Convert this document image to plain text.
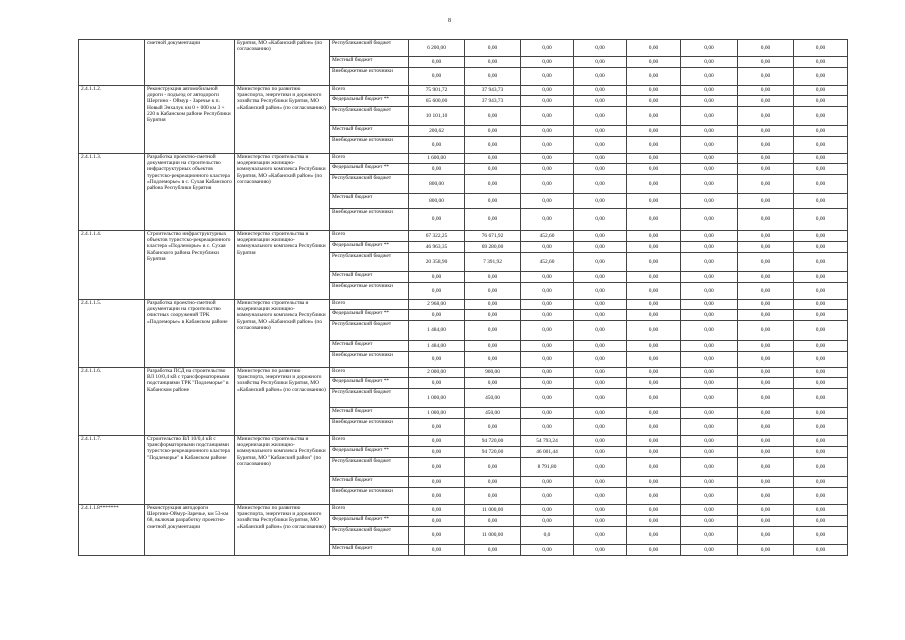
8
	сметной документации	Бурятия, МО «Кабанский район» (по согласованию)	Республиканский бюджет	6 200,00	0,00	0,00	0,00	0,00	0,00	0,00	0,00
			Местный бюджет	0,00	0,00	0,00	0,00	0,00	0,00	0,00	0,00
			Внебюджетные источники	0,00	0,00	0,00	0,00	0,00	0,00	0,00	0,00
2.4.1.1.2.	Реконструкция автомобильной дороги - подъезд от автодороги Шергино - Оймур - Заречье к п. Новый Энхалук км 0 + 000 км 3 + 220 в Кабанском районе Республики Бурятия	Министерство по развитию транспорта, энергетики и дорожного хозяйства Республики Бурятия, МО «Кабанский район» (по согласованию)	Всего	75 901,72	37 943,73	0,00	0,00	0,00	0,00	0,00	0,00
			Федеральный бюджет **	65 600,00	37 943,73	0,00	0,00	0,00	0,00	0,00	0,00
			Республиканский бюджет	10 101,10	0,00	0,00	0,00	0,00	0,00	0,00	0,00
			Местный бюджет	200,62	0,00	0,00	0,00	0,00	0,00	0,00	0,00
			Внебюджетные источники	0,00	0,00	0,00	0,00	0,00	0,00	0,00	0,00
2.4.1.1.3.	Разработка проектно-сметной документации на строительство инфраструктурных объектов туристско-рекреационного кластера «Подлеморье» в с. Сухая Кабанского района Республики Бурятия	Министерство строительства и модернизации жилищно-коммунального комплекса Республики Бурятия, МО «Кабанский район» (по согласованию)	Всего	1 600,00	0,00	0,00	0,00	0,00	0,00	0,00	0,00
			Федеральный бюджет **	0,00	0,00	0,00	0,00	0,00	0,00	0,00	0,00
			Республиканский бюджет	800,00	0,00	0,00	0,00	0,00	0,00	0,00	0,00
			Местный бюджет	800,00	0,00	0,00	0,00	0,00	0,00	0,00	0,00
			Внебюджетные источники	0,00	0,00	0,00	0,00	0,00	0,00	0,00	0,00
2.4.1.1.4.	Строительство инфраструктурных объектов туристско-рекреационного кластера «Подлеморье» в с. Сухая Кабанского района Республики Бурятия	Министерство строительства и модернизации жилищно-коммунального комплекса Республики Бурятия	Всего	67 322,25	76 671,92	452,60	0,00	0,00	0,00	0,00	0,00
			Федеральный бюджет **	46 963,35	69 280,00	0,00	0,00	0,00	0,00	0,00	0,00
			Республиканский бюджет	20 358,90	7 391,92	452,60	0,00	0,00	0,00	0,00	0,00
			Местный бюджет	0,00	0,00	0,00	0,00	0,00	0,00	0,00	0,00
			Внебюджетные источники	0,00	0,00	0,00	0,00	0,00	0,00	0,00	0,00
2.4.1.1.5.	Разработка проектно-сметной документации на строительство очистных сооружений ТРК «Подлеморье» в Кабанском районе	Министерство строительства и модернизации жилищно-коммунального комплекса Республики Бурятия, МО «Кабанский район» (по согласованию)	Всего	2 968,00	0,00	0,00	0,00	0,00	0,00	0,00	0,00
			Федеральный бюджет **	0,00	0,00	0,00	0,00	0,00	0,00	0,00	0,00
			Республиканский бюджет	1 484,00	0,00	0,00	0,00	0,00	0,00	0,00	0,00
			Местный бюджет	1 484,00	0,00	0,00	0,00	0,00	0,00	0,00	0,00
			Внебюджетные источники	0,00	0,00	0,00	0,00	0,00	0,00	0,00	0,00
2.4.1.1.6.	Разработка ПСД на строительство ВЛ 10/0,4 кВ с трансформаторными подстанциями ТРК "Подлеморье" в Кабанском районе	Министерство по развитию транспорта, энергетики и дорожного хозяйства Республики Бурятия, МО «Кабанский район» (по согласованию)	Всего	2 000,00	900,00	0,00	0,00	0,00	0,00	0,00	0,00
			Федеральный бюджет **	0,00	0,00	0,00	0,00	0,00	0,00	0,00	0,00
			Республиканский бюджет	1 000,00	450,00	0,00	0,00	0,00	0,00	0,00	0,00
			Местный бюджет	1 000,00	450,00	0,00	0,00	0,00	0,00	0,00	0,00
			Внебюджетные источники	0,00	0,00	0,00	0,00	0,00	0,00	0,00	0,00
2.4.1.1.7.	Строительство ВЛ 10/0,4 кВ с трансформаторными подстанциями туристско-рекреационного кластера "Подлеморье" в Кабанском районе	Министерство строительства и модернизации жилищно-коммунального комплекса Республики Бурятия, МО "Кабанский район" (по согласованию)	Всего	0,00	94 720,00	54 793,24	0,00	0,00	0,00	0,00	0,00
			Федеральный бюджет **	0,00	94 720,00	46 001,44	0,00	0,00	0,00	0,00	0,00
			Республиканский бюджет	0,00	0,00	8 791,80	0,00	0,00	0,00	0,00	0,00
			Местный бюджет	0,00	0,00	0,00	0,00	0,00	0,00	0,00	0,00
			Внебюджетные источники	0,00	0,00	0,00	0,00	0,00	0,00	0,00	0,00
2.4.1.1.8*******	Реконструкция автодороги Шергино-Оймур-Заречье, км 53-км 68, включая разработку проектно-сметной документации	Министерство по развитию транспорта, энергетики и дорожного хозяйства Республики Бурятия, МО «Кабанский район» (по согласованию)	Всего	0,00	11 000,00	0,00	0,00	0,00	0,00	0,00	0,00
			Федеральный бюджет **	0,00	0,00	0,00	0,00	0,00	0,00	0,00	0,00
			Республиканский бюджет	0,00	11 000,00	0,0	0,00	0,00	0,00	0,00	0,00
			Местный бюджет	0,00	0,00	0,00	0,00	0,00	0,00	0,00	0,00
